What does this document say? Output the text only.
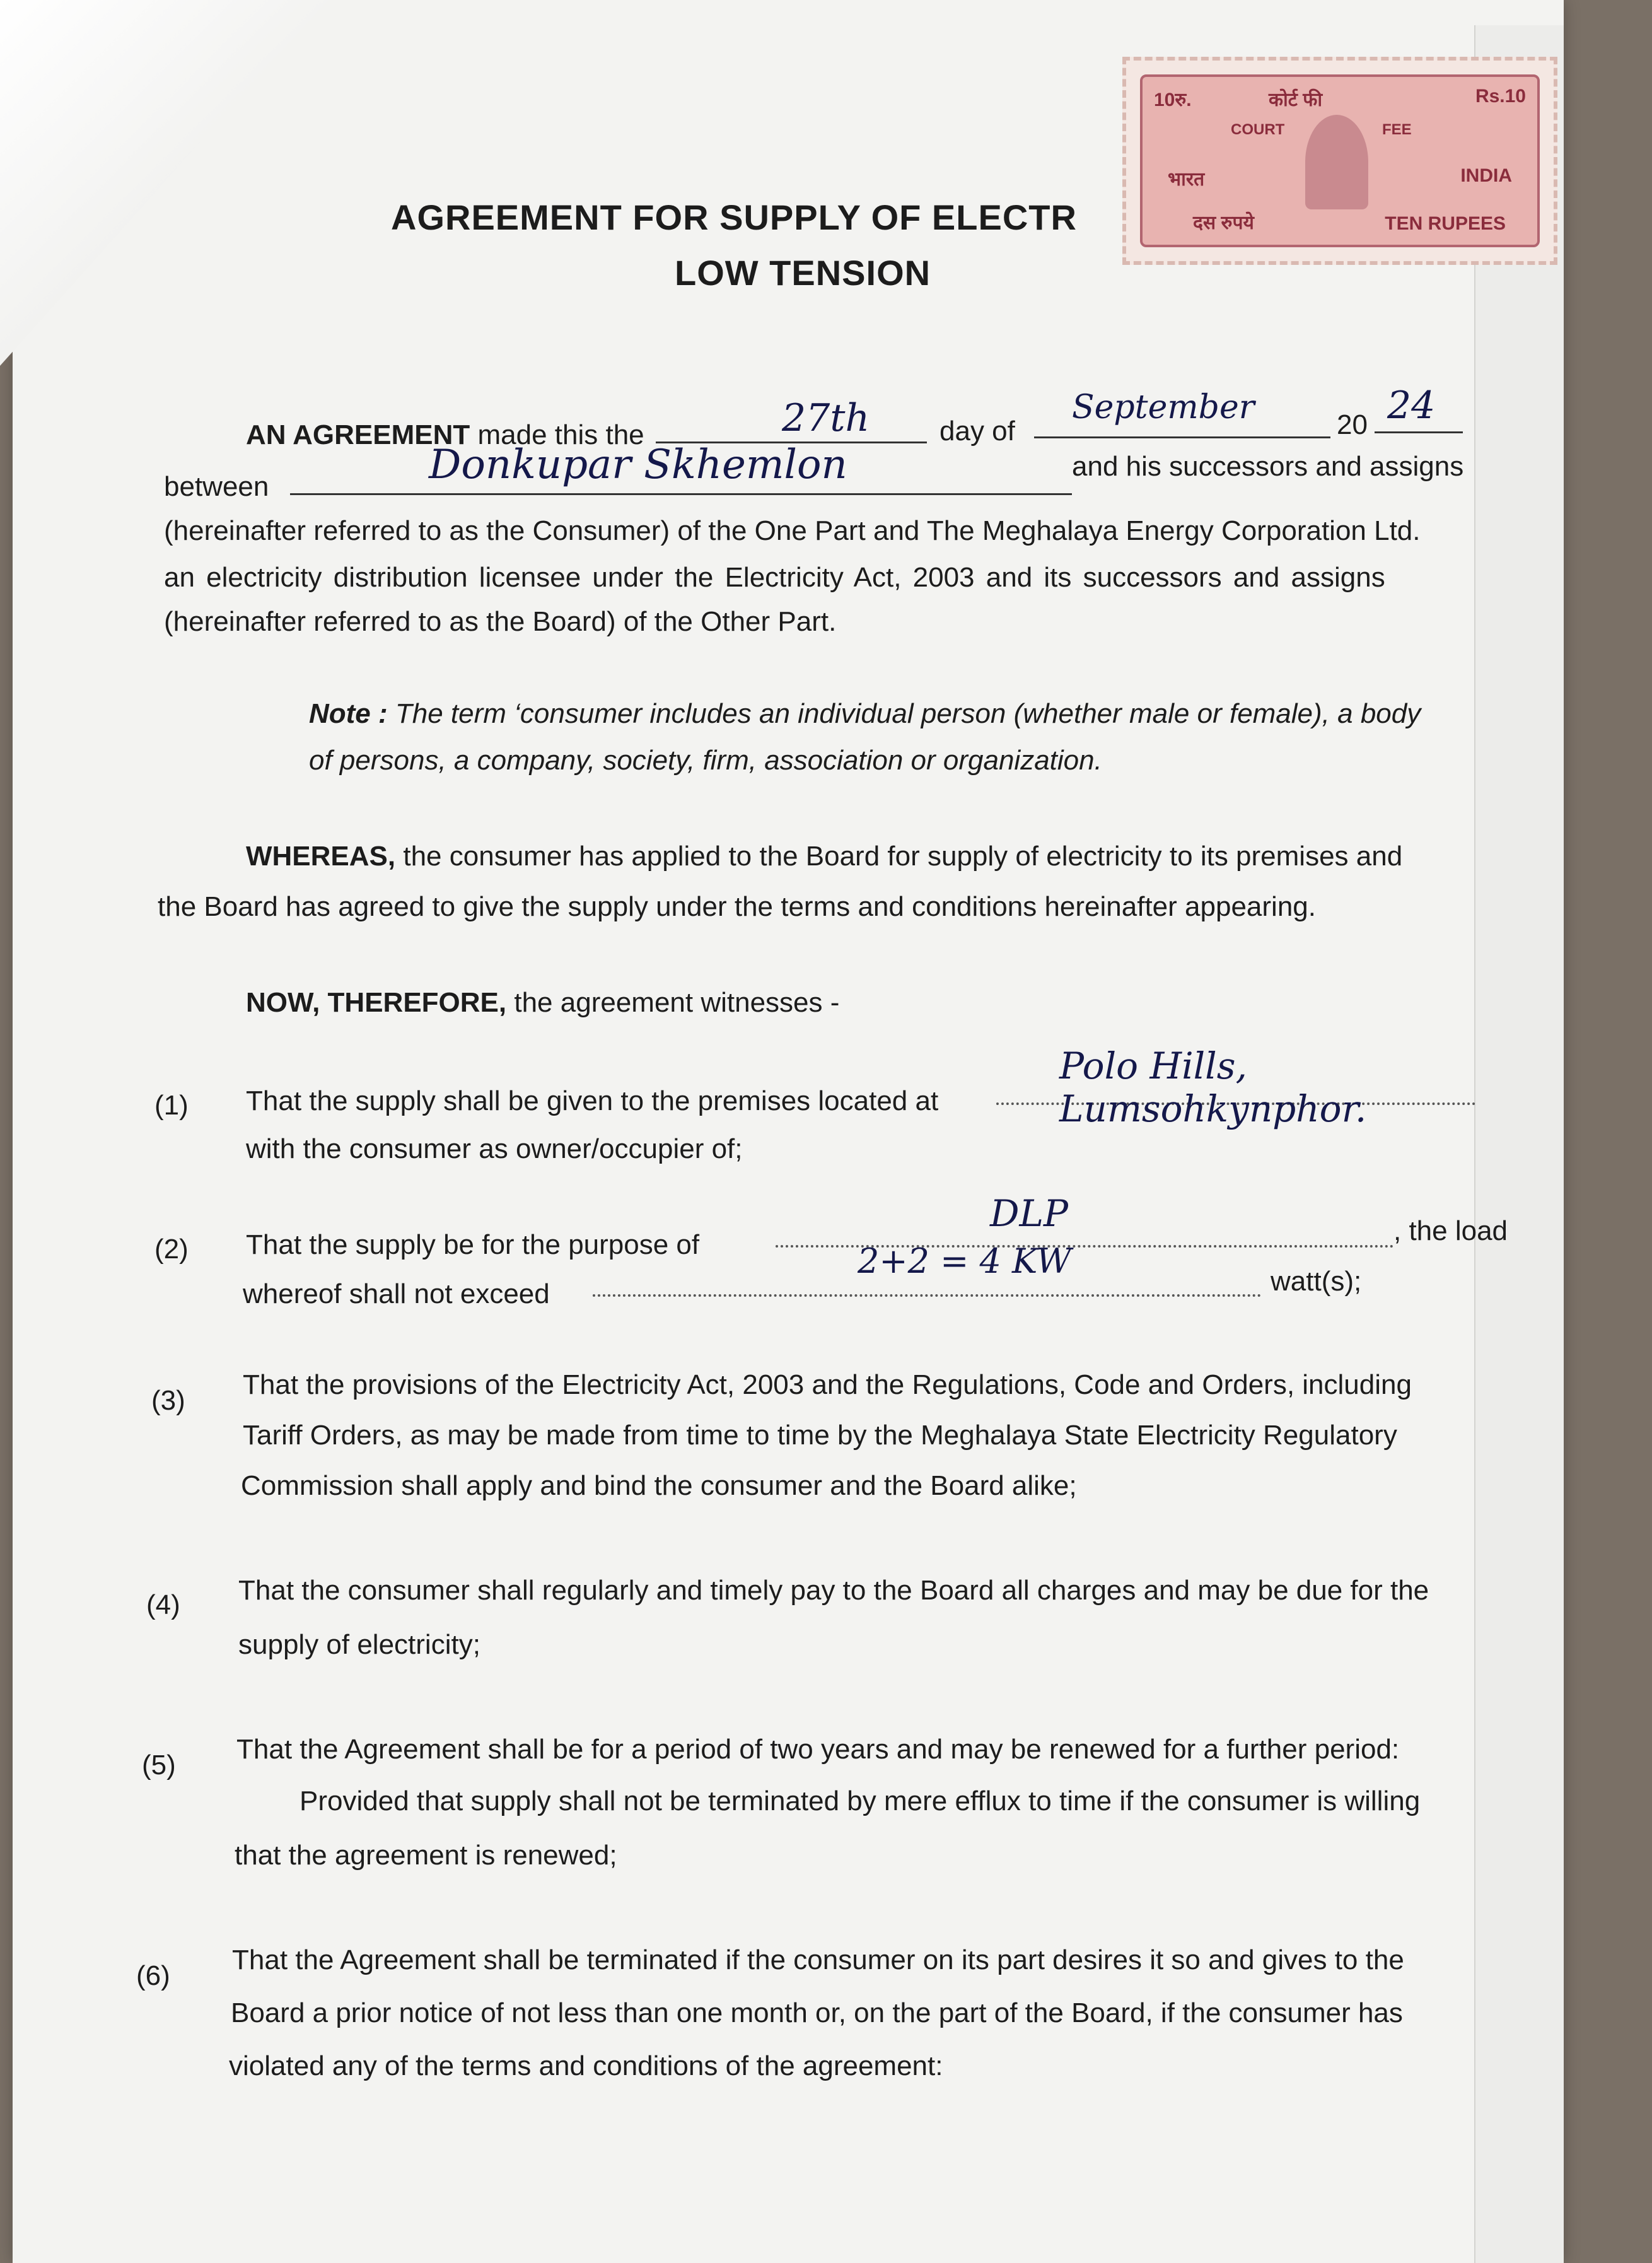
10रु.	कोर्ट फी	Rs.10
COURT	FEE
भारत	INDIA
दस रुपये	TEN RUPEES
AGREEMENT FOR SUPPLY OF ELECTR
LOW TENSION
AN AGREEMENT made this the	27th	day of
September	20 24
between	Donkupar Skhemlon	and his successors and assigns
(hereinafter referred to as the Consumer) of the One Part and The Meghalaya Energy Corporation Ltd.
an electricity distribution licensee under the Electricity Act, 2003 and its successors and assigns
(hereinafter referred to as the Board) of the Other Part.
Note : The term ‘consumer includes an individual person (whether male or female), a body
of persons, a company, society, firm, association or organization.
WHEREAS, the consumer has applied to the Board for supply of electricity to its premises and
the Board has agreed to give the supply under the terms and conditions hereinafter appearing.
NOW, THEREFORE, the agreement witnesses -
(1) That the supply shall be given to the premises located at
Polo Hills, Lumsohkynphor.
with the consumer as owner/occupier of;
(2) That the supply be for the purpose of
DLP	, the load
whereof shall not exceed
2+2 = 4 KW
watt(s);
(3)
That the provisions of the Electricity Act, 2003 and the Regulations, Code and Orders, including
Tariff Orders, as may be made from time to time by the Meghalaya State Electricity Regulatory
Commission shall apply and bind the consumer and the Board alike;
(4) That the consumer shall regularly and timely pay to the Board all charges and may be due for the
supply of electricity;
(5)
That the Agreement shall be for a period of two years and may be renewed for a further period:
Provided that supply shall not be terminated by mere efflux to time if the consumer is willing
that the agreement is renewed;
(6)
That the Agreement shall be terminated if the consumer on its part desires it so and gives to the
Board a prior notice of not less than one month or, on the part of the Board, if the consumer has
violated any of the terms and conditions of the agreement:
